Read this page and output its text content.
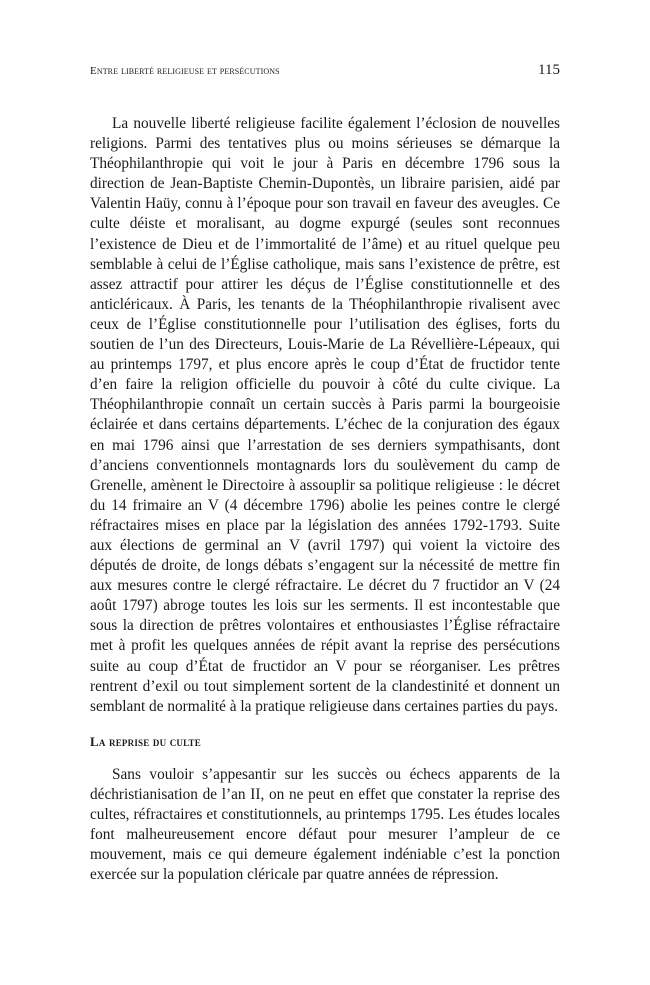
Entre liberté religieuse et persécutions	115

La nouvelle liberté religieuse facilite également l’éclosion de nouvelles religions. Parmi des tentatives plus ou moins sérieuses se démarque la Théophilanthropie qui voit le jour à Paris en décembre 1796 sous la direction de Jean-Baptiste Chemin-Dupontès, un libraire parisien, aidé par Valentin Haüy, connu à l’époque pour son travail en faveur des aveugles. Ce culte déiste et moralisant, au dogme expurgé (seules sont reconnues l’existence de Dieu et de l’immortalité de l’âme) et au rituel quelque peu semblable à celui de l’Église catholique, mais sans l’existence de prêtre, est assez attractif pour attirer les déçus de l’Église constitutionnelle et des anticléricaux. À Paris, les tenants de la Théophilanthropie rivalisent avec ceux de l’Église constitutionnelle pour l’utilisation des églises, forts du soutien de l’un des Directeurs, Louis-Marie de La Révellière-Lépeaux, qui au printemps 1797, et plus encore après le coup d’État de fructidor tente d’en faire la religion officielle du pouvoir à côté du culte civique. La Théophilanthropie connaît un certain succès à Paris parmi la bourgeoisie éclairée et dans certains départements. L’échec de la conjuration des égaux en mai 1796 ainsi que l’arrestation de ses derniers sympathisants, dont d’anciens conventionnels montagnards lors du soulèvement du camp de Grenelle, amènent le Directoire à assouplir sa politique religieuse : le décret du 14 frimaire an V (4 décembre 1796) abolie les peines contre le clergé réfractaires mises en place par la législation des années 1792-1793. Suite aux élections de germinal an V (avril 1797) qui voient la victoire des députés de droite, de longs débats s’engagent sur la nécessité de mettre fin aux mesures contre le clergé réfractaire. Le décret du 7 fructidor an V (24 août 1797) abroge toutes les lois sur les serments. Il est incontestable que sous la direction de prêtres volontaires et enthousiastes l’Église réfractaire met à profit les quelques années de répit avant la reprise des persécutions suite au coup d’État de fructidor an V pour se réorganiser. Les prêtres rentrent d’exil ou tout simplement sortent de la clandestinité et donnent un semblant de normalité à la pratique religieuse dans certaines parties du pays.

La reprise du culte

Sans vouloir s’appesantir sur les succès ou échecs apparents de la déchristianisation de l’an II, on ne peut en effet que constater la reprise des cultes, réfractaires et constitutionnels, au printemps 1795. Les études locales font malheureusement encore défaut pour mesurer l’ampleur de ce mouvement, mais ce qui demeure également indéniable c’est la ponction exercée sur la population cléricale par quatre années de répression.
